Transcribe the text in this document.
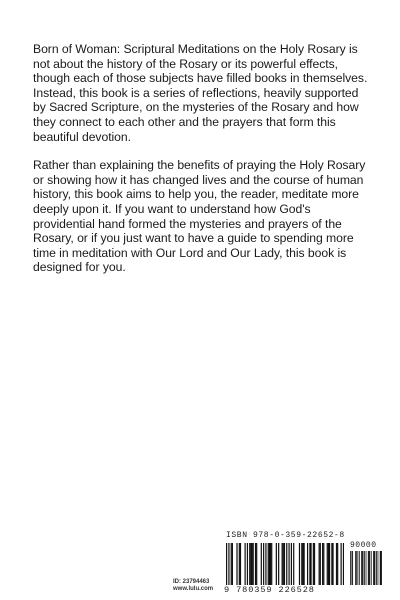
Born of Woman: Scriptural Meditations on the Holy Rosary is not about the history of the Rosary or its powerful effects, though each of those subjects have filled books in themselves. Instead, this book is a series of reflections, heavily supported by Sacred Scripture, on the mysteries of the Rosary and how they connect to each other and the prayers that form this beautiful devotion.

Rather than explaining the benefits of praying the Holy Rosary or showing how it has changed lives and the course of human history, this book aims to help you, the reader, meditate more deeply upon it. If you want to understand how God's providential hand formed the mysteries and prayers of the Rosary, or if you just want to have a guide to spending more time in meditation with Our Lord and Our Lady, this book is designed for you.

ID: 23794463
www.lulu.com
ISBN 978-0-359-22652-8
90000
9 780359 226528
